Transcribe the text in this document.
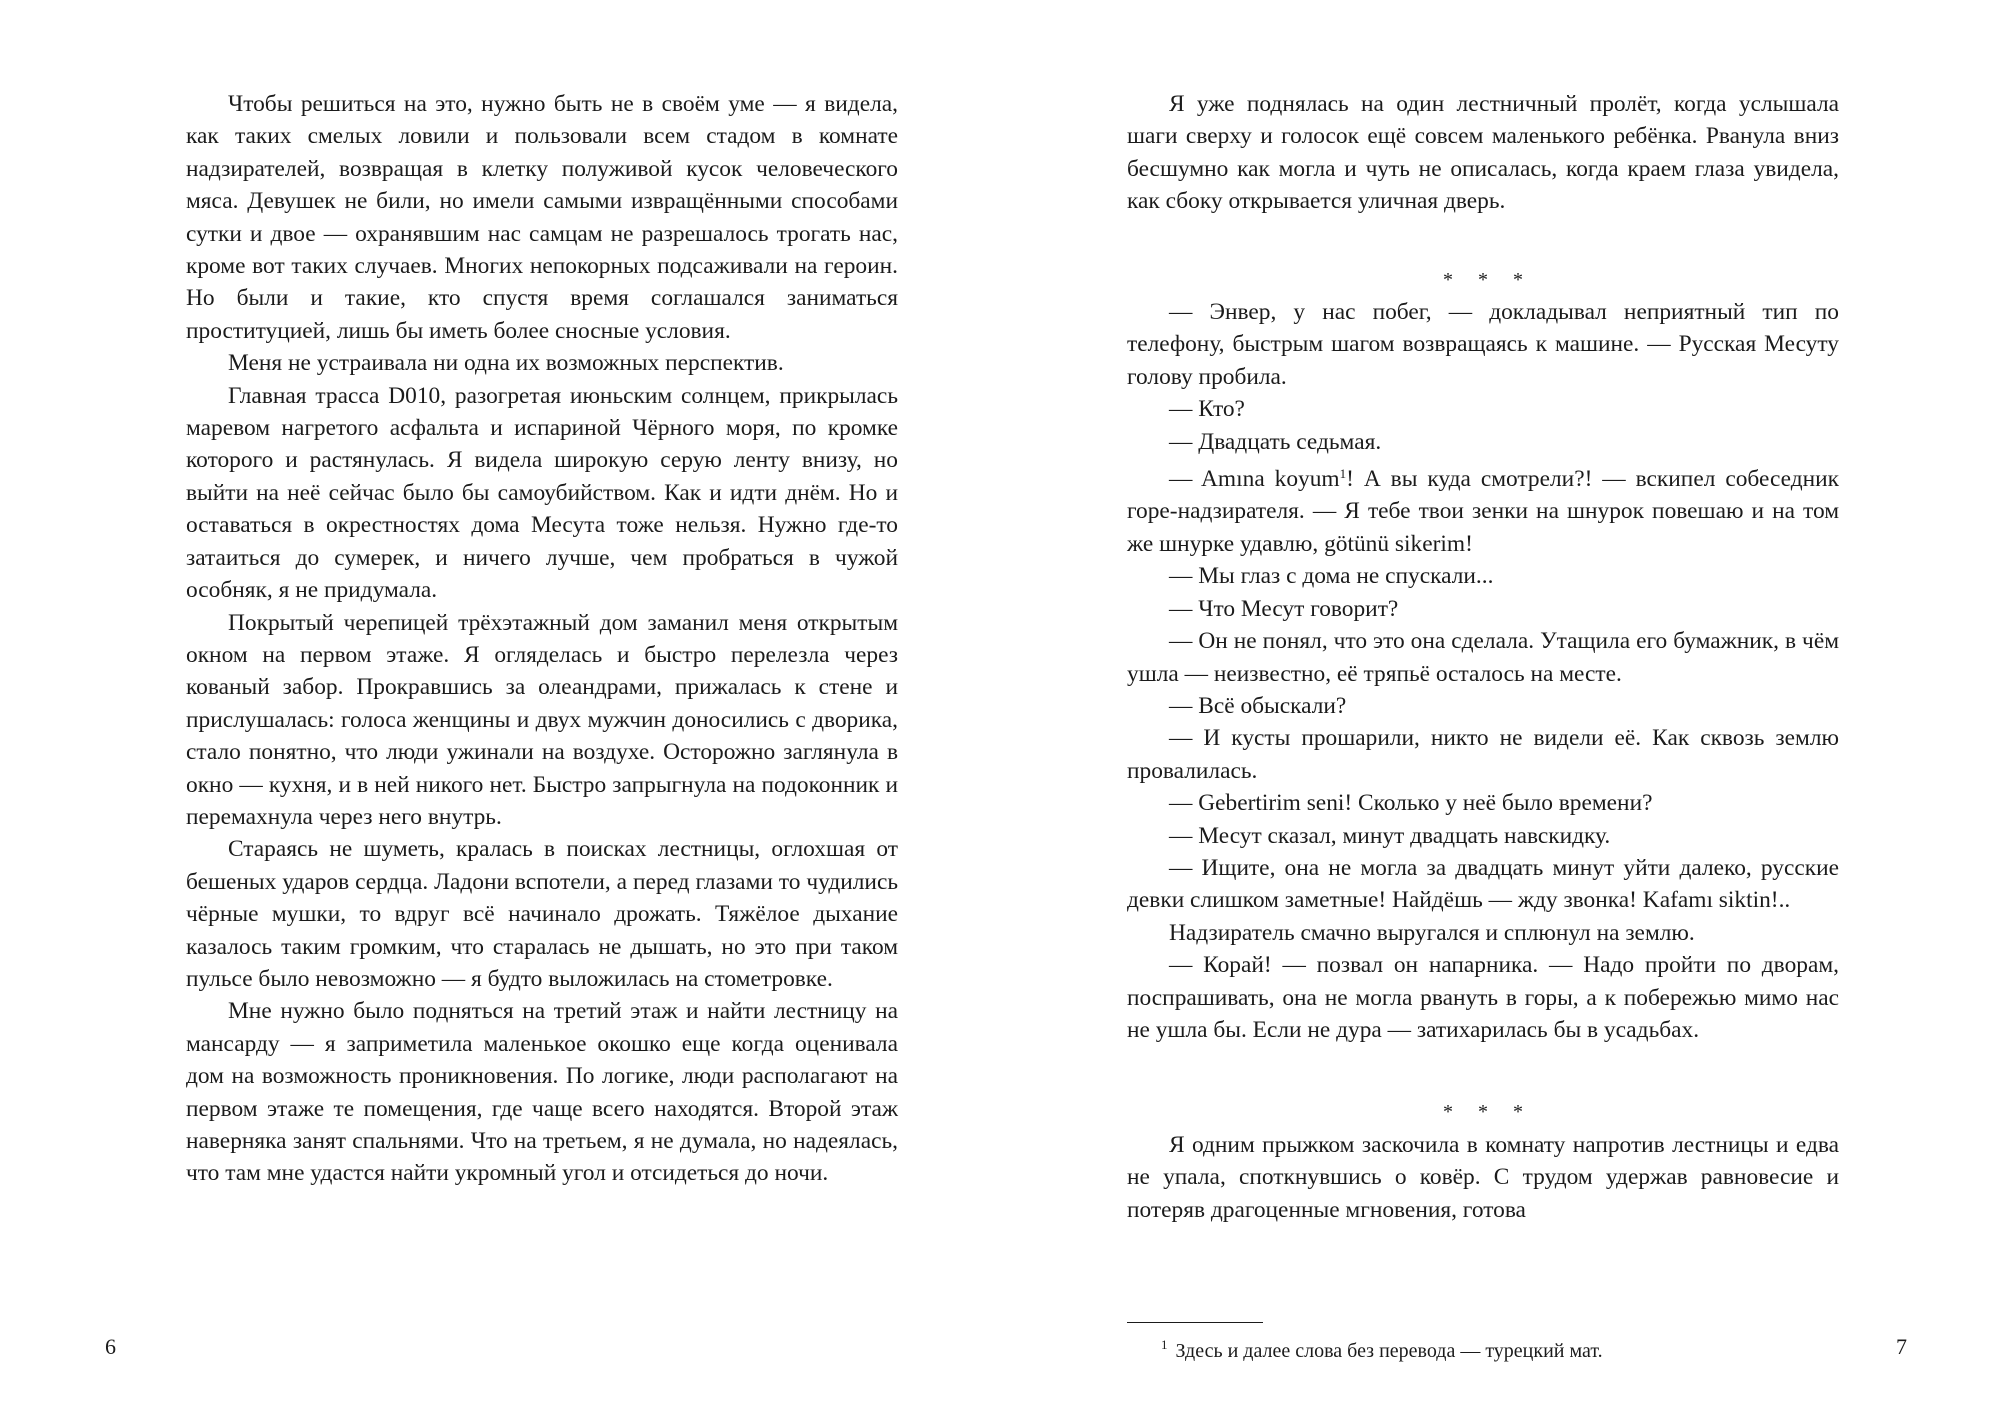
Чтобы решиться на это, нужно быть не в своём уме — я видела, как таких смелых ловили и пользовали всем стадом в комнате надзирателей, возвращая в клетку полуживой кусок человеческого мяса. Девушек не били, но имели самыми извращёнными способами сутки и двое — охранявшим нас самцам не разрешалось трогать нас, кроме вот таких случаев. Многих непокорных подсаживали на героин. Но были и такие, кто спустя время соглашался заниматься проституцией, лишь бы иметь более сносные условия.

Меня не устраивала ни одна их возможных перспектив.

Главная трасса D010, разогретая июньским солнцем, прикрылась маревом нагретого асфальта и испариной Чёрного моря, по кромке которого и растянулась. Я видела широкую серую ленту внизу, но выйти на неё сейчас было бы самоубийством. Как и идти днём. Но и оставаться в окрестностях дома Месута тоже нельзя. Нужно где-то затаиться до сумерек, и ничего лучше, чем пробраться в чужой особняк, я не придумала.

Покрытый черепицей трёхэтажный дом заманил меня открытым окном на первом этаже. Я огляделась и быстро перелезла через кованый забор. Прокравшись за олеандрами, прижалась к стене и прислушалась: голоса женщины и двух мужчин доносились с дворика, стало понятно, что люди ужинали на воздухе. Осторожно заглянула в окно — кухня, и в ней никого нет. Быстро запрыгнула на подоконник и перемахнула через него внутрь.

Стараясь не шуметь, кралась в поисках лестницы, оглохшая от бешеных ударов сердца. Ладони вспотели, а перед глазами то чудились чёрные мушки, то вдруг всё начинало дрожать. Тяжёлое дыхание казалось таким громким, что старалась не дышать, но это при таком пульсе было невозможно — я будто выложилась на стометровке.

Мне нужно было подняться на третий этаж и найти лестницу на мансарду — я заприметила маленькое окошко еще когда оценивала дом на возможность проникновения. По логике, люди располагают на первом этаже те помещения, где чаще всего находятся. Второй этаж наверняка занят спальнями. Что на третьем, я не думала, но надеялась, что там мне удастся найти укромный угол и отсидеться до ночи.

6

Я уже поднялась на один лестничный пролёт, когда услышала шаги сверху и голосок ещё совсем маленького ребёнка. Рванула вниз бесшумно как могла и чуть не описалась, когда краем глаза увидела, как сбоку открывается уличная дверь.

* * *

— Энвер, у нас побег, — докладывал неприятный тип по телефону, быстрым шагом возвращаясь к машине. — Русская Месуту голову пробила.

— Кто?

— Двадцать седьмая.

— Amına koyum$^1$! А вы куда смотрели?! — вскипел собеседник горе-надзирателя. — Я тебе твои зенки на шнурок повешаю и на том же шнурке удавлю, götünü sikerim!

— Мы глаз с дома не спускали...

— Что Месут говорит?

— Он не понял, что это она сделала. Утащила его бумажник, в чём ушла — неизвестно, её тряпьё осталось на месте.

— Всё обыскали?

— И кусты прошарили, никто не видели её. Как сквозь землю провалилась.

— Gebertirim seni! Сколько у неё было времени?

— Месут сказал, минут двадцать навскидку.

— Ищите, она не могла за двадцать минут уйти далеко, русские девки слишком заметные! Найдёшь — жду звонка! Kafamı siktin!..

Надзиратель смачно выругался и сплюнул на землю.

— Корай! — позвал он напарника. — Надо пройти по дворам, поспрашивать, она не могла рвануть в горы, а к побережью мимо нас не ушла бы. Если не дура — затихарилась бы в усадьбах.

* * *

Я одним прыжком заскочила в комнату напротив лестницы и едва не упала, споткнувшись о ковёр. С трудом удержав равновесие и потеряв драгоценные мгновения, готова

$^1$ Здесь и далее слова без перевода — турецкий мат.	7
